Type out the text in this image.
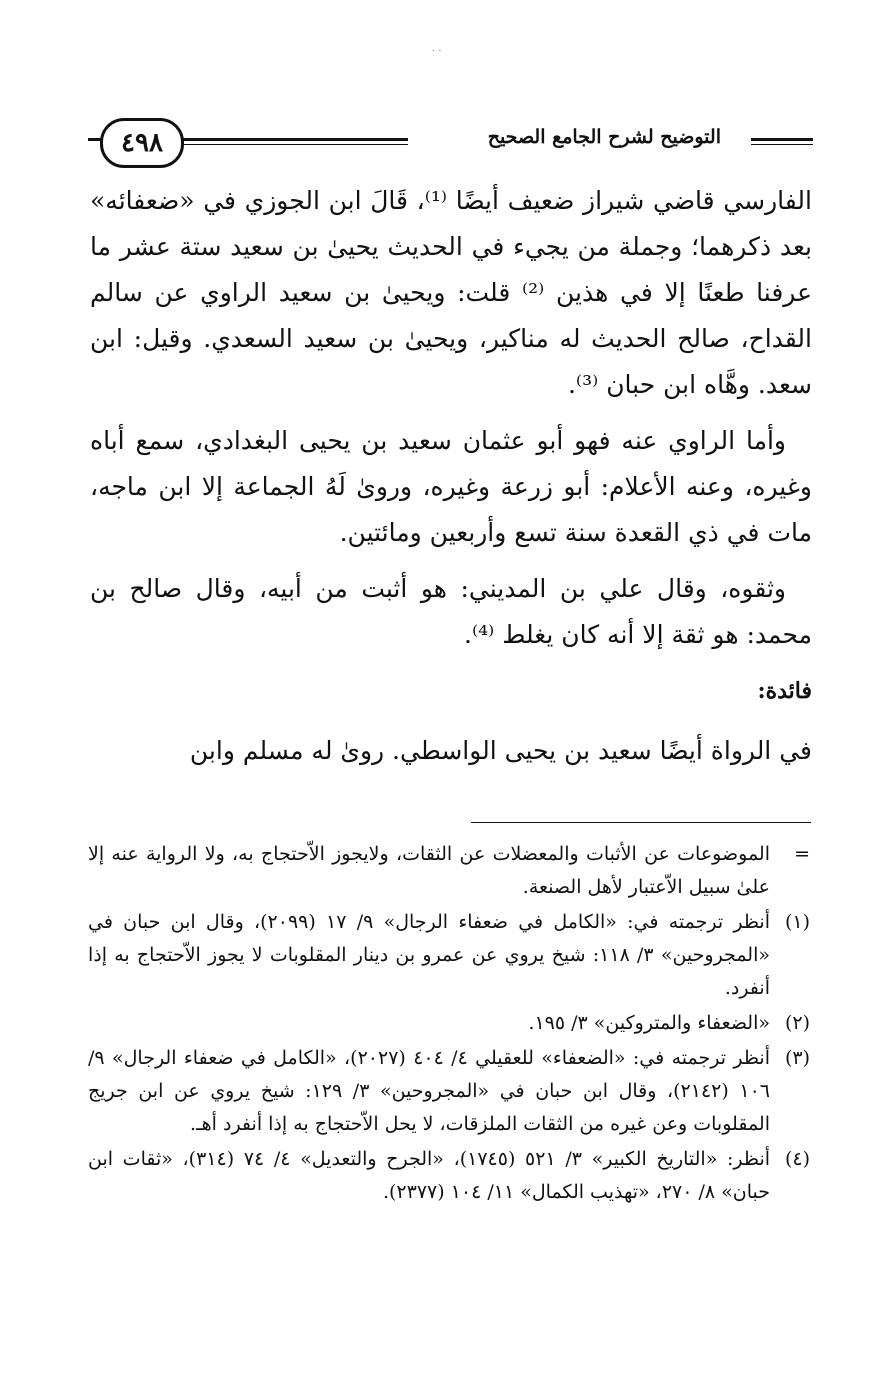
· ·
٤٩٨	التوضيح لشرح الجامع الصحيح

الفارسي قاضي شيراز ضعيف أيضًا ⁽¹⁾، قَالَ ابن الجوزي في «ضعفائه» بعد ذكرهما؛ وجملة من يجيء في الحديث يحيىٰ بن سعيد ستة عشر ما عرفنا طعنًا إلا في هذين ⁽²⁾ قلت: ويحيىٰ بن سعيد الراوي عن سالم القداح، صالح الحديث له مناكير، ويحيىٰ بن سعيد السعدي. وقيل: ابن سعد. وهَّاه ابن حبان ⁽³⁾.

وأما الراوي عنه فهو أبو عثمان سعيد بن يحيى البغدادي، سمع أباه وغيره، وعنه الأعلام: أبو زرعة وغيره، وروىٰ لَهُ الجماعة إلا ابن ماجه، مات في ذي القعدة سنة تسع وأربعين ومائتين.

وثقوه، وقال علي بن المديني: هو أثبت من أبيه، وقال صالح بن محمد: هو ثقة إلا أنه كان يغلط ⁽⁴⁾.

فائدة:

في الرواة أيضًا سعيد بن يحيى الواسطي. روىٰ له مسلم وابن

=
الموضوعات عن الأثبات والمعضلات عن الثقات، ولايجوز الاّحتجاج به، ولا الرواية عنه إلا علىٰ سبيل الاّعتبار لأهل الصنعة.
(١)
أنظر ترجمته في: «الكامل في ضعفاء الرجال» ٩/ ١٧ (٢٠٩٩)، وقال ابن حبان في «المجروحين» ٣/ ١١٨: شيخ يروي عن عمرو بن دينار المقلوبات لا يجوز الاّحتجاج به إذا أنفرد.
(٢)
«الضعفاء والمتروكين» ٣/ ١٩٥.
(٣)
أنظر ترجمته في: «الضعفاء» للعقيلي ٤/ ٤٠٤ (٢٠٢٧)، «الكامل في ضعفاء الرجال» ٩/ ١٠٦ (٢١٤٢)، وقال ابن حبان في «المجروحين» ٣/ ١٢٩: شيخ يروي عن ابن جريج المقلوبات وعن غيره من الثقات الملزقات، لا يحل الاّحتجاج به إذا أنفرد أهـ.
(٤)
أنظر: «التاريخ الكبير» ٣/ ٥٢١ (١٧٤٥)، «الجرح والتعديل» ٤/ ٧٤ (٣١٤)، «ثقات ابن حبان» ٨/ ٢٧٠، «تهذيب الكمال» ١١/ ١٠٤ (٢٣٧٧).
